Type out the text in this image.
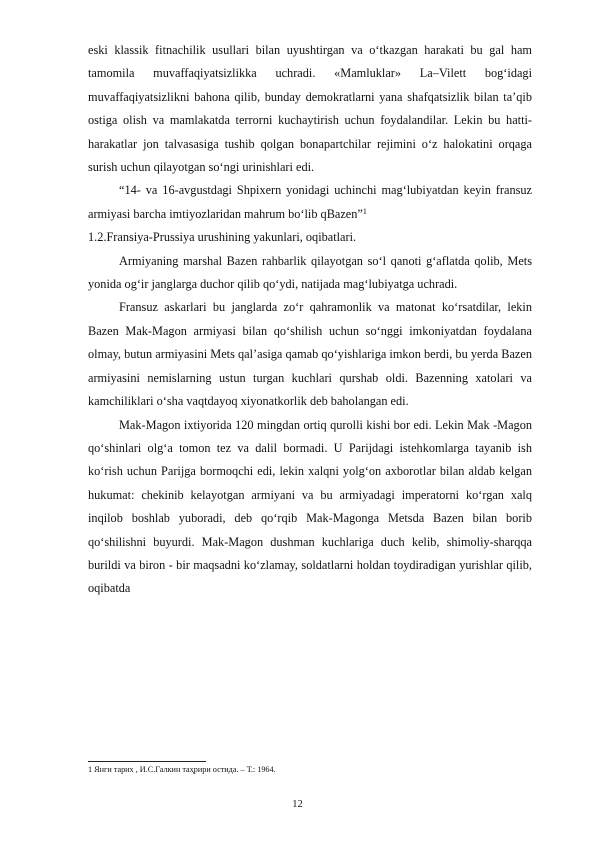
eski klassik fitnachilik usullari bilan uyushtirgan va o‘tkazgan harakati bu gal ham tamomila muvaffaqiyatsizlikka uchradi. «Mamluklar» La–Vilett bog‘idagi muvaffaqiyatsizlikni bahona qilib, bunday demokratlarni yana shafqatsizlik bilan ta’qib ostiga olish va mamlakatda terrorni kuchaytirish uchun foydalandilar. Lekin bu hatti-harakatlar jon talvasasiga tushib qolgan bonapartchilar rejimini o‘z halokatini orqaga surish uchun qilayotgan so‘ngi urinishlari edi.

“14- va 16-avgustdagi Shpixern yonidagi uchinchi mag‘lubiyatdan keyin fransuz armiyasi barcha imtiyozlaridan mahrum bo‘lib qBazen”$^1$

1.2.Fransiya-Prussiya urushining yakunlari, oqibatlari.

Armiyaning marshal Bazen rahbarlik qilayotgan so‘l qanoti g‘aflatda qolib, Mets yonida og‘ir janglarga duchor qilib qo‘ydi, natijada mag‘lubiyatga uchradi.

Fransuz askarlari bu janglarda zo‘r qahramonlik va matonat ko‘rsatdilar, lekin Bazen Mak-Magon armiyasi bilan qo‘shilish uchun so‘nggi imkoniyatdan foydalana olmay, butun armiyasini Mets qal’asiga qamab qo‘yishlariga imkon berdi, bu yerda Bazen armiyasini nemislarning ustun turgan kuchlari qurshab oldi. Bazenning xatolari va kamchiliklari o‘sha vaqtdayoq xiyonatkorlik deb baholangan edi.

Mak-Magon ixtiyorida 120 mingdan ortiq qurolli kishi bor edi. Lekin Mak -Magon qo‘shinlari olg‘a tomon tez va dalil bormadi. U Parijdagi istehkomlarga tayanib ish ko‘rish uchun Parijga bormoqchi edi, lekin xalqni yolg‘on axborotlar bilan aldab kelgan hukumat: chekinib kelayotgan armiyani va bu armiyadagi imperatorni ko‘rgan xalq inqilob boshlab yuboradi, deb qo‘rqib Mak-Magonga Metsda Bazen bilan borib qo‘shilishni buyurdi. Mak-Magon dushman kuchlariga duch kelib, shimoliy-sharqqa burildi va biron - bir maqsadni ko‘zlamay, soldatlarni holdan toydiradigan yurishlar qilib, oqibatda

1 Янги тарих , И.С.Галкин таҳрири остида. – Т.: 1964.
12
